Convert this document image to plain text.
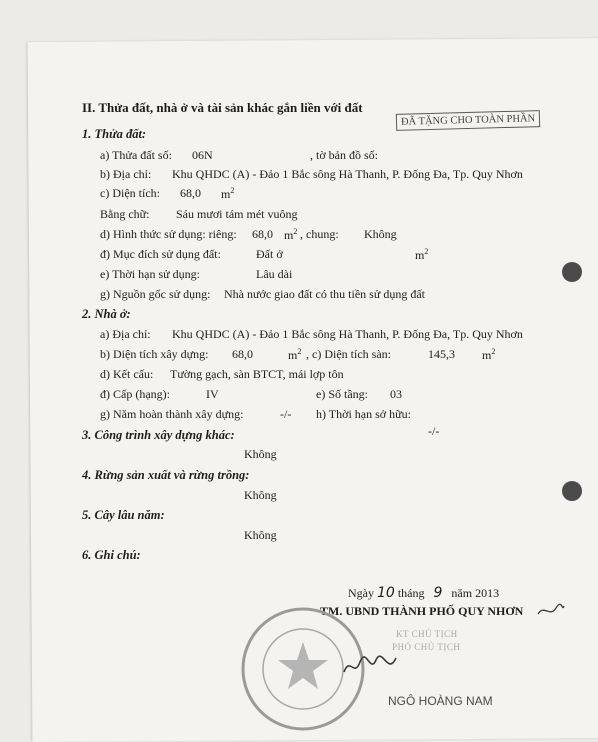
ĐÃ TẶNG CHO TOÀN PHẦN
II. Thửa đất, nhà ở và tài sản khác gắn liền với đất
1. Thửa đất:
a) Thửa đất số: 06N	, tờ bản đồ số:
b) Địa chỉ: Khu QHDC (A) - Đảo 1 Bắc sông Hà Thanh, P. Đống Đa, Tp. Quy Nhơn
c) Diện tích: 68,0 $m^2$
Bằng chữ: Sáu mươi tám mét vuông
d) Hình thức sử dụng: riêng: 68,0 $m^2$ , chung: Không
đ) Mục đích sử dụng đất:	Đất ở	$m^2$
e) Thời hạn sử dụng:	Lâu dài
g) Nguồn gốc sử dụng: Nhà nước giao đất có thu tiền sử dụng đất
2. Nhà ở:
a) Địa chỉ: Khu QHDC (A) - Đảo 1 Bắc sông Hà Thanh, P. Đống Đa, Tp. Quy Nhơn
b) Diện tích xây dựng: 68,0	$m^2$ , c) Diện tích sàn:	145,3 $m^2$
d) Kết cấu: Tường gạch, sàn BTCT, mái lợp tôn
đ) Cấp (hạng):	IV	e) Số tầng: 03
g) Năm hoàn thành xây dựng:	-/- h) Thời hạn sở hữu:
3. Công trình xây dựng khác:	-/-
Không
4. Rừng sản xuất và rừng trồng:
Không
5. Cây lâu năm:
Không
6. Ghi chú:
Ngày 10 tháng 9 năm 2013
TM. UBND THÀNH PHỐ QUY NHƠN
KT CHỦ TỊCH
PHÓ CHỦ TỊCH
NGÔ HOÀNG NAM
